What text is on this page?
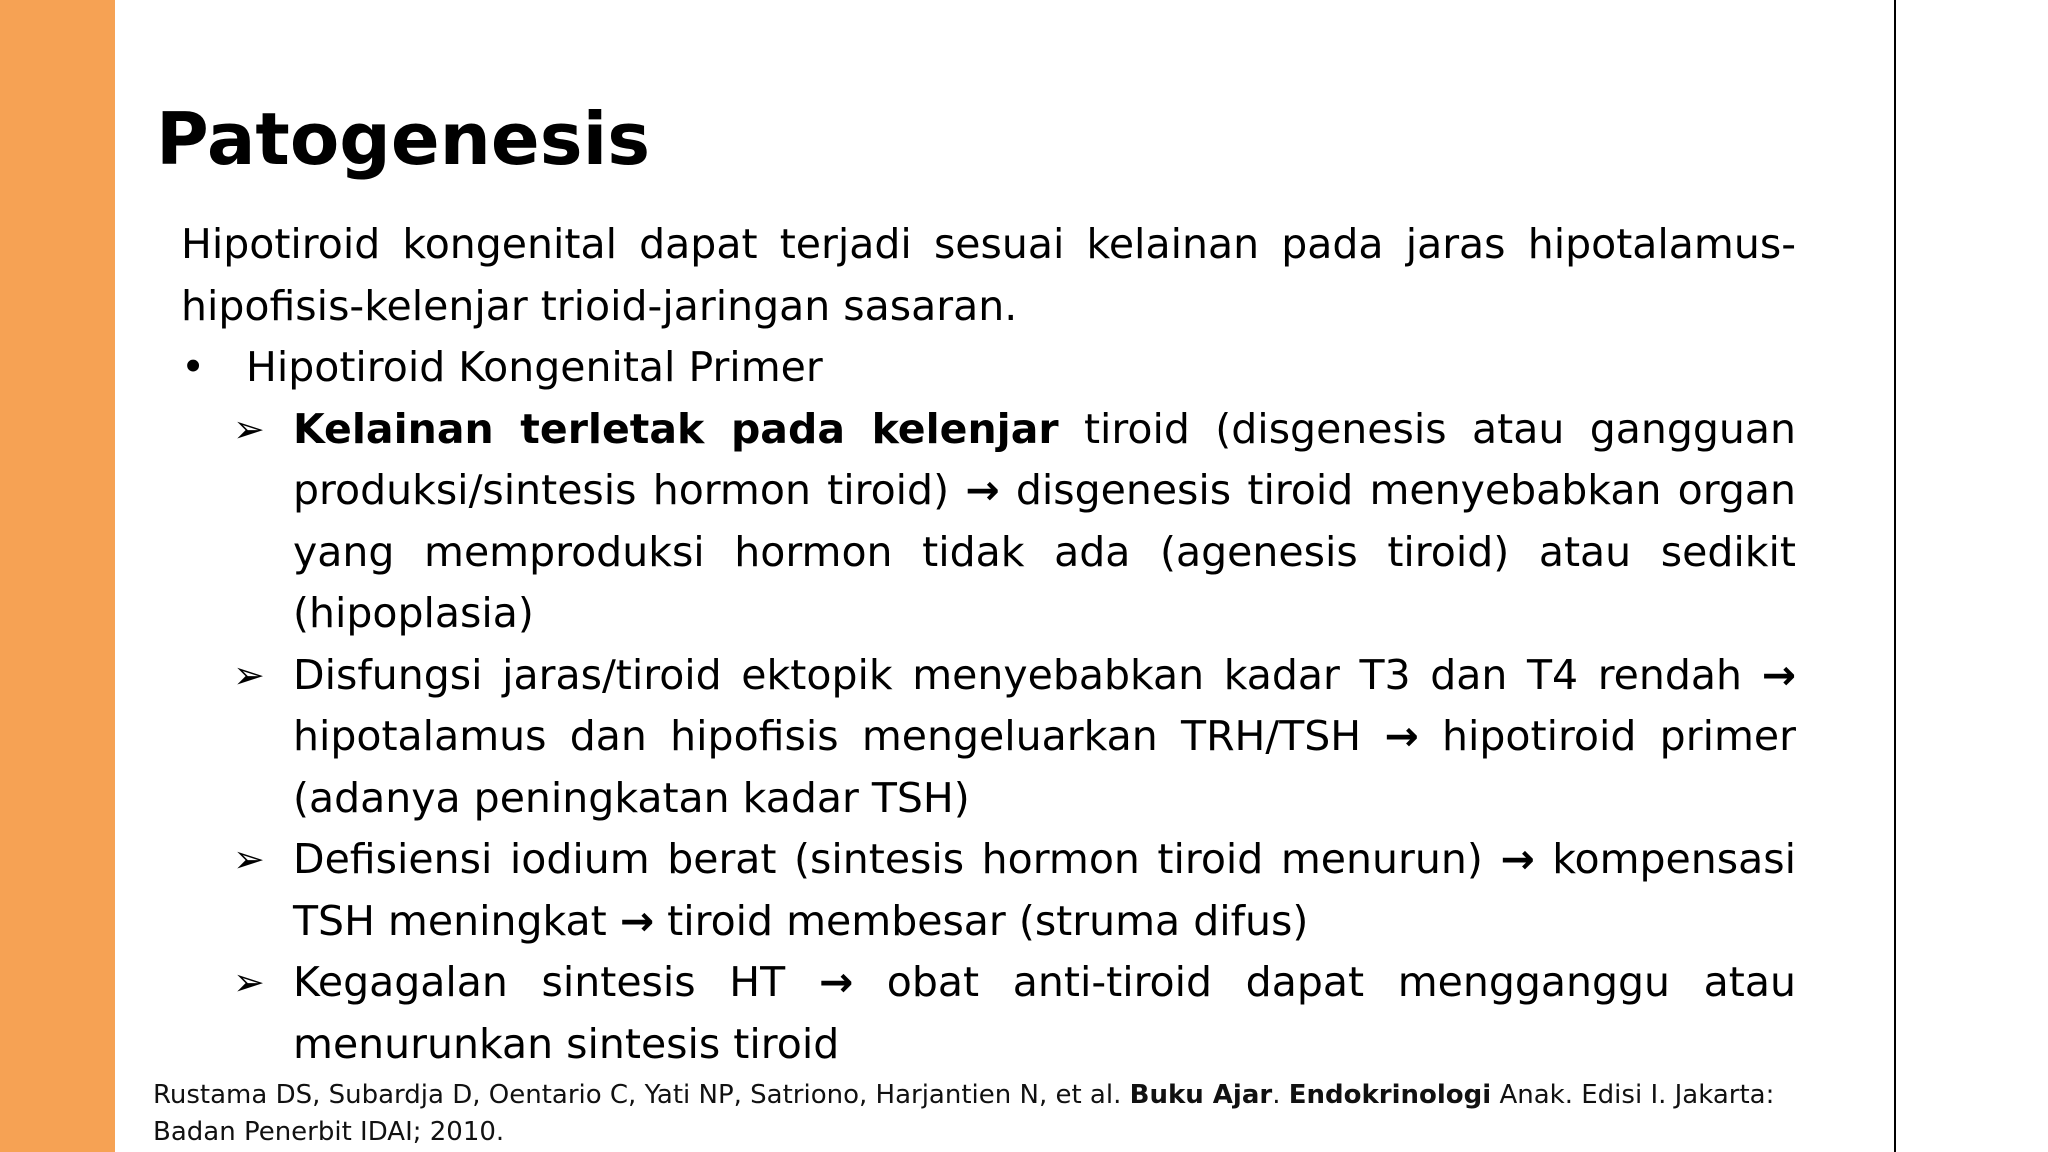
Patogenesis

Hipotiroid kongenital dapat terjadi sesuai kelainan pada jaras hipotalamus-hipofisis-kelenjar trioid-jaringan sasaran.

• Hipotiroid Kongenital Primer
➢ Kelainan terletak pada kelenjar tiroid (disgenesis atau gangguan produksi/sintesis hormon tiroid) → disgenesis tiroid menyebabkan organ yang memproduksi hormon tidak ada (agenesis tiroid) atau sedikit (hipoplasia)
➢ Disfungsi jaras/tiroid ektopik menyebabkan kadar T3 dan T4 rendah → hipotalamus dan hipofisis mengeluarkan TRH/TSH → hipotiroid primer (adanya peningkatan kadar TSH)
➢ Defisiensi iodium berat (sintesis hormon tiroid menurun) → kompensasi TSH meningkat → tiroid membesar (struma difus)
➢ Kegagalan sintesis HT → obat anti-tiroid dapat mengganggu atau menurunkan sintesis tiroid

Rustama DS, Subardja D, Oentario C, Yati NP, Satriono, Harjantien N, et al. Buku Ajar. Endokrinologi Anak. Edisi I. Jakarta: Badan Penerbit IDAI; 2010.
